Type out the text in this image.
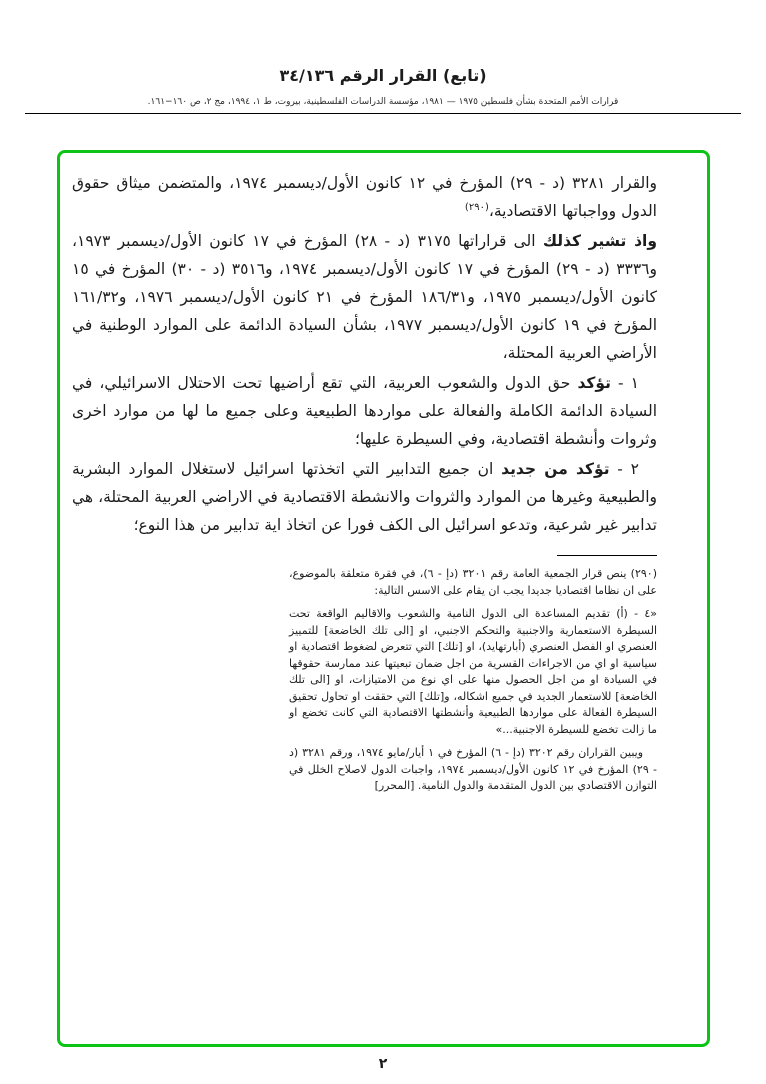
(تابع) القرار الرقم ٣٤/١٣٦
قرارات الأمم المتحدة بشأن فلسطين ١٩٧٥ — ١٩٨١، مؤسسة الدراسات الفلسطينية، بيروت، ط ١، ١٩٩٤، مج ٢، ص ١٦٠−١٦١.

والقرار ٣٢٨١ (د - ٢٩) المؤرخ في ١٢ كانون الأول/ديسمبر ١٩٧٤، والمتضمن ميثاق حقوق الدول وواجباتها الاقتصادية،$^{(٢٩٠)}$

واذ تشير كذلك الى قراراتها ٣١٧٥ (د - ٢٨) المؤرخ في ١٧ كانون الأول/ديسمبر ١٩٧٣، و٣٣٣٦ (د - ٢٩) المؤرخ في ١٧ كانون الأول/ديسمبر ١٩٧٤، و٣٥١٦ (د - ٣٠) المؤرخ في ١٥ كانون الأول/ديسمبر ١٩٧٥، و١٨٦/٣١ المؤرخ في ٢١ كانون الأول/ديسمبر ١٩٧٦، و١٦١/٣٢ المؤرخ في ١٩ كانون الأول/ديسمبر ١٩٧٧، بشأن السيادة الدائمة على الموارد الوطنية في الأراضي العربية المحتلة،

١ - تؤكد حق الدول والشعوب العربية، التي تقع أراضيها تحت الاحتلال الاسرائيلي، في السيادة الدائمة الكاملة والفعالة على مواردها الطبيعية وعلى جميع ما لها من موارد اخرى وثروات وأنشطة اقتصادية، وفي السيطرة عليها؛

٢ - تؤكد من جديد ان جميع التدابير التي اتخذتها اسرائيل لاستغلال الموارد البشرية والطبيعية وغيرها من الموارد والثروات والانشطة الاقتصادية في الاراضي العربية المحتلة، هي تدابير غير شرعية، وتدعو اسرائيل الى الكف فورا عن اتخاذ اية تدابير من هذا النوع؛

(٢٩٠) ينص قرار الجمعية العامة رقم ٣٢٠١ (دإ - ٦)، في فقرة متعلقة بالموضوع، على ان نظاما اقتصاديا جديدا يجب ان يقام على الاسس التالية:

«٤ - (أ) تقديم المساعدة الى الدول النامية والشعوب والاقاليم الواقعة تحت السيطرة الاستعمارية والاجنبية والتحكم الاجنبي، او [الى تلك الخاضعة] للتمييز العنصري او الفصل العنصري (أبارتهايد)، او [تلك] التي تتعرض لضغوط اقتصادية او سياسية او اي من الاجراءات القسرية من اجل ضمان تبعيتها عند ممارسة حقوقها في السيادة او من اجل الحصول منها على اي نوع من الامتيازات، او [الى تلك الخاضعة] للاستعمار الجديد في جميع اشكاله، و[تلك] التي حققت او تحاول تحقيق السيطرة الفعالة على مواردها الطبيعية وأنشطتها الاقتصادية التي كانت تخضع او ما زالت تخضع للسيطرة الاجنبية...»

ويبين القراران رقم ٣٢٠٢ (دإ - ٦) المؤرخ في ١ أيار/مايو ١٩٧٤، ورقم ٣٢٨١ (د - ٢٩) المؤرخ في ١٢ كانون الأول/ديسمبر ١٩٧٤، واجبات الدول لاصلاح الخلل في التوازن الاقتصادي بين الدول المتقدمة والدول النامية. [المحرر]

٢
